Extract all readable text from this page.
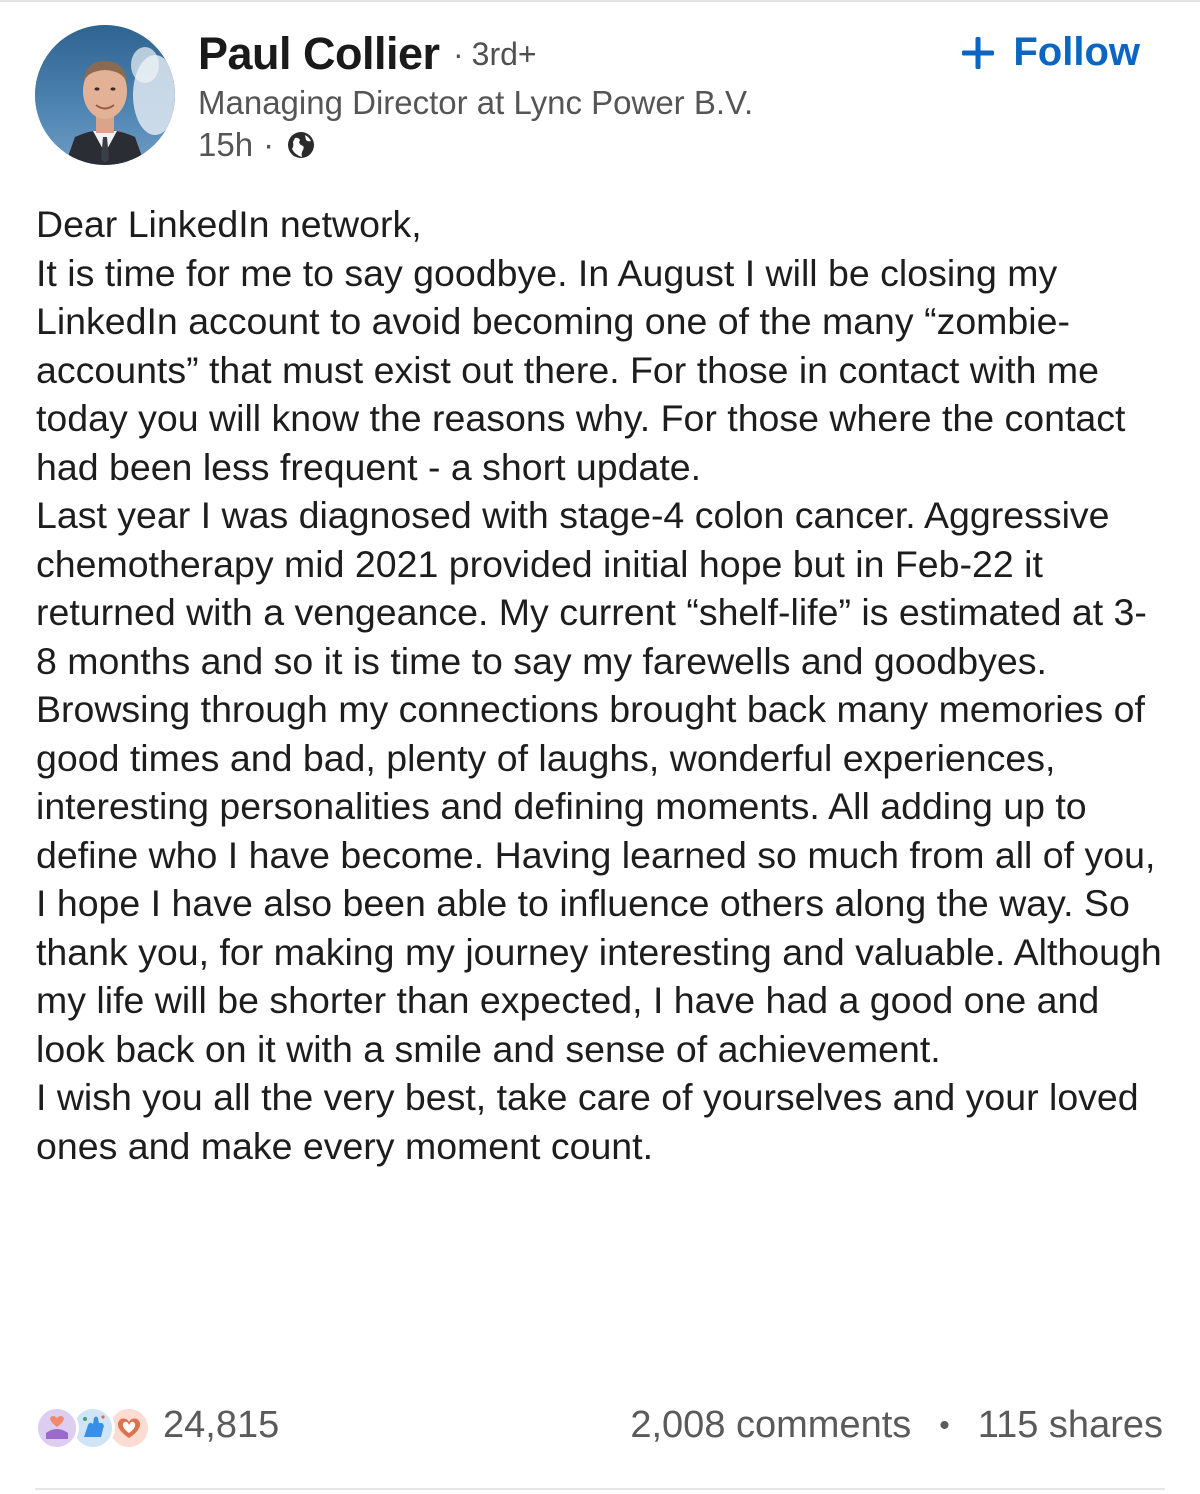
Paul Collier · 3rd+
Managing Director at Lync Power B.V.
15h ·
Follow

Dear LinkedIn network,

It is time for me to say goodbye. In August I will be closing my LinkedIn account to avoid becoming one of the many “zombie-accounts” that must exist out there. For those in contact with me today you will know the reasons why. For those where the contact had been less frequent - a short update.

Last year I was diagnosed with stage-4 colon cancer. Aggressive chemotherapy mid 2021 provided initial hope but in Feb-22 it returned with a vengeance. My current “shelf-life” is estimated at 3-8 months and so it is time to say my farewells and goodbyes.

Browsing through my connections brought back many memories of good times and bad, plenty of laughs, wonderful experiences, interesting personalities and defining moments. All adding up to define who I have become. Having learned so much from all of you, I hope I have also been able to influence others along the way. So thank you, for making my journey interesting and valuable. Although my life will be shorter than expected, I have had a good one and look back on it with a smile and sense of achievement.

I wish you all the very best, take care of yourselves and your loved ones and make every moment count.

24,815	2,008 comments • 115 shares
